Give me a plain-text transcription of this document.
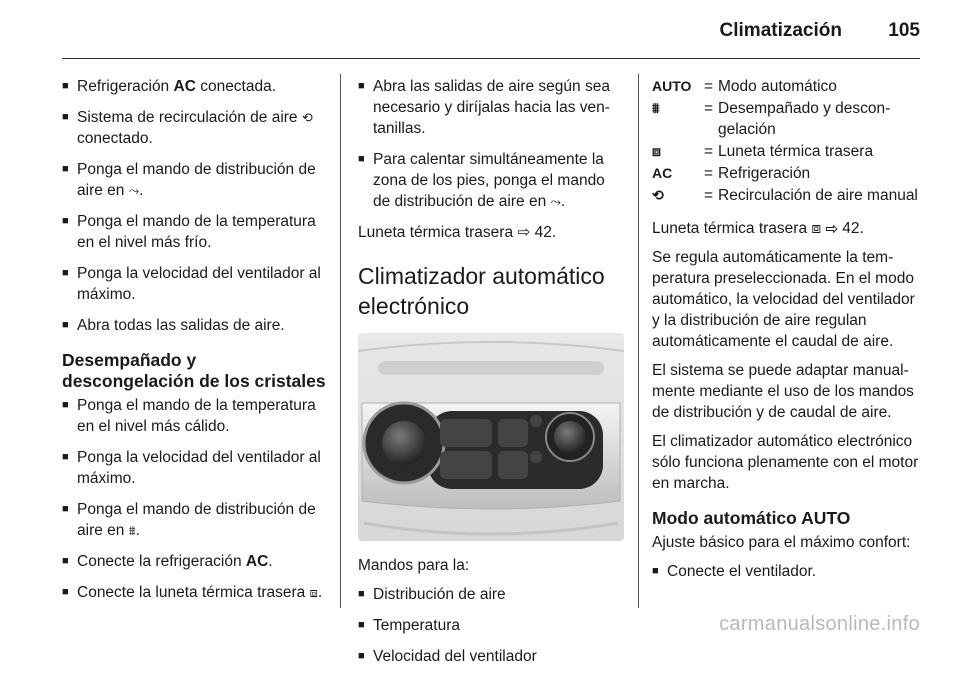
Climatización 105
■ Refrigeración AC conectada.
■ Sistema de recirculación de aire ⟲ conectado.
■ Ponga el mando de distribución de aire en ⤳.
■ Ponga el mando de la temperatura en el nivel más frío.
■ Ponga la velocidad del ventilador al máximo.
■ Abra todas las salidas de aire.
Desempañado y descongelación de los cristales
■ Ponga el mando de la temperatura en el nivel más cálido.
■ Ponga la velocidad del ventilador al máximo.
■ Ponga el mando de distribución de aire en ⩩.
■ Conecte la refrigeración AC.
■ Conecte la luneta térmica trasera ⧈.
■ Abra las salidas de aire según sea necesario y diríjalas hacia las ventanillas.
■ Para calentar simultáneamente la zona de los pies, ponga el mando de distribución de aire en ⤳.

Luneta térmica trasera ⇨ 42.

Climatizador automático electrónico

Mandos para la:

■ Distribución de aire
■ Temperatura
■ Velocidad del ventilador
AUTO = Modo automático
⩩	= Desempañado y descongelación
⧈	= Luneta térmica trasera
AC	= Refrigeración
⟲	= Recirculación de aire manual

Luneta térmica trasera ⧈ ⇨ 42.

Se regula automáticamente la temperatura preseleccionada. En el modo automático, la velocidad del ventilador y la distribución de aire regulan automáticamente el caudal de aire.

El sistema se puede adaptar manualmente mediante el uso de los mandos de distribución y de caudal de aire.

El climatizador automático electrónico sólo funciona plenamente con el motor en marcha.

Modo automático AUTO

Ajuste básico para el máximo confort:

■ Conecte el ventilador.
carmanualsonline.info
